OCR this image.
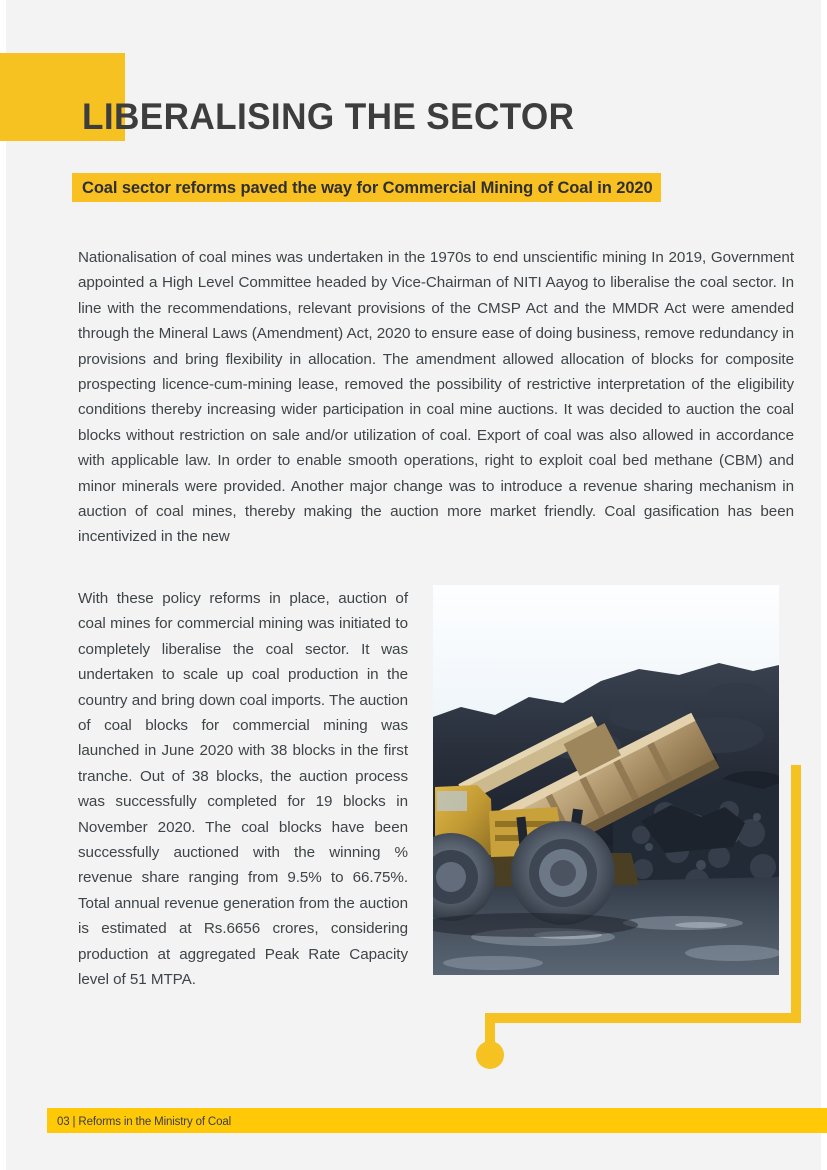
LIBERALISING THE SECTOR
Coal sector reforms paved the way for Commercial Mining of Coal in 2020

Nationalisation of coal mines was undertaken in the 1970s to end unscientific mining In 2019, Government appointed a High Level Committee headed by Vice-Chairman of NITI Aayog to liberalise the coal sector. In line with the recommendations, relevant provisions of the CMSP Act and the MMDR Act were amended through the Mineral Laws (Amendment) Act, 2020 to ensure ease of doing business, remove redundancy in provisions and bring flexibility in allocation. The amendment allowed allocation of blocks for composite prospecting licence-cum-mining lease, removed the possibility of restrictive interpretation of the eligibility conditions thereby increasing wider participation in coal mine auctions. It was decided to auction the coal blocks without restriction on sale and/or utilization of coal. Export of coal was also allowed in accordance with applicable law. In order to enable smooth operations, right to exploit coal bed methane (CBM) and minor minerals were provided. Another major change was to introduce a revenue sharing mechanism in auction of coal mines, thereby making the auction more market friendly. Coal gasification has been incentivized in the new

With these policy reforms in place, auction of coal mines for commercial mining was initiated to completely liberalise the coal sector. It was undertaken to scale up coal production in the country and bring down coal imports. The auction of coal blocks for commercial mining was launched in June 2020 with 38 blocks in the first tranche. Out of 38 blocks, the auction process was successfully completed for 19 blocks in November 2020. The coal blocks have been successfully auctioned with the winning % revenue share ranging from 9.5% to 66.75%. Total annual revenue generation from the auction is estimated at Rs.6656 crores, considering production at aggregated Peak Rate Capacity level of 51 MTPA.

03 | Reforms in the Ministry of Coal
